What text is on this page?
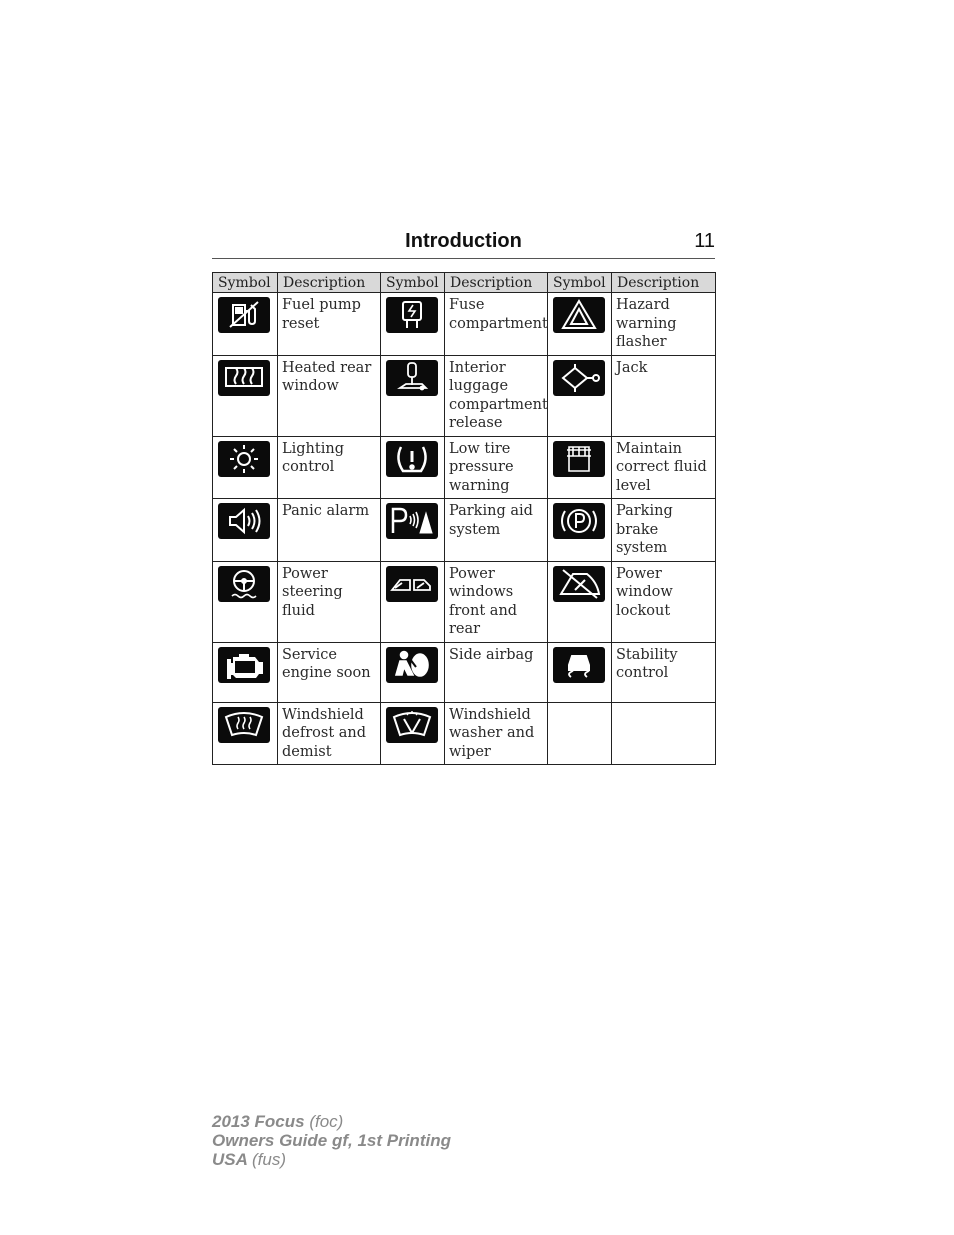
Introduction	11
Symbol	Description	Symbol	Description	Symbol	Description

	Fuel pump reset		Fuse compartment		Hazard warning flasher

	Heated rear window		Interior luggage compartment release		Jack

	Lighting control		Low tire pressure warning		Maintain correct fluid level

	Panic alarm		Parking aid system		Parking brake system

	Power steering fluid		Power windows front and rear		Power window lockout

	Service engine soon		Side airbag		Stability control

	Windshield defrost and demist		Windshield washer and wiper		
2013 Focus (foc)
Owners Guide gf, 1st Printing
USA (fus)
